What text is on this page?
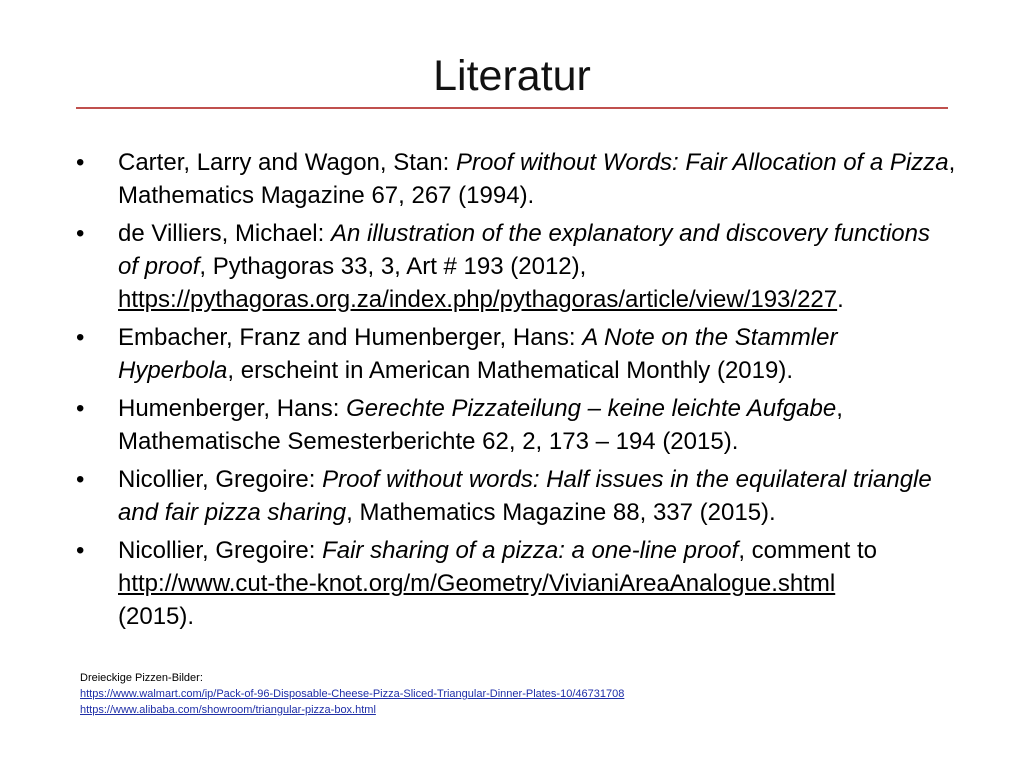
Literatur
•	Carter, Larry and Wagon, Stan: Proof without Words: Fair Allocation of a Pizza, Mathematics Magazine 67, 267 (1994).
•	de Villiers, Michael: An illustration of the explanatory and discovery functions of proof, Pythagoras 33, 3, Art # 193 (2012),
https://pythagoras.org.za/index.php/pythagoras/article/view/193/227.
•	Embacher, Franz and Humenberger, Hans: A Note on the Stammler Hyperbola, erscheint in American Mathematical Monthly (2019).
•	Humenberger, Hans: Gerechte Pizzateilung – keine leichte Aufgabe, Mathematische Semesterberichte 62, 2, 173 – 194 (2015).
•	Nicollier, Gregoire: Proof without words: Half issues in the equilateral triangle and fair pizza sharing, Mathematics Magazine 88, 337 (2015).
•	Nicollier, Gregoire: Fair sharing of a pizza: a one-line proof, comment to
http://www.cut-the-knot.org/m/Geometry/VivianiAreaAnalogue.shtml
(2015).
Dreieckige Pizzen-Bilder:
https://www.walmart.com/ip/Pack-of-96-Disposable-Cheese-Pizza-Sliced-Triangular-Dinner-Plates-10/46731708
https://www.alibaba.com/showroom/triangular-pizza-box.html
